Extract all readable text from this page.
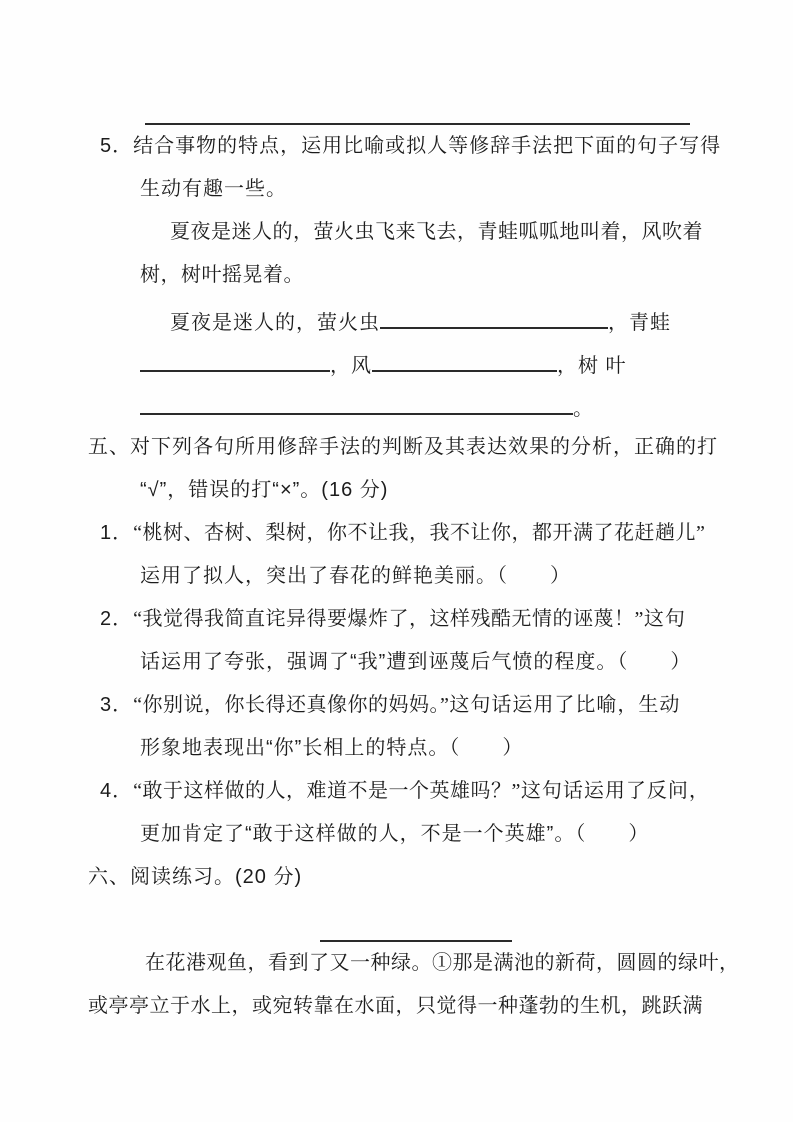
5．结合事物的特点，运用比喻或拟人等修辞手法把下面的句子写得
生动有趣一些。
夏夜是迷人的，萤火虫飞来飞去，青蛙呱呱地叫着，风吹着
树，树叶摇晃着。
夏夜是迷人的，萤火虫	，青蛙
，风	，树 叶
。
五、对下列各句所用修辞手法的判断及其表达效果的分析，正确的打
“√”，错误的打“×”。(16 分)
1．“桃树、杏树、梨树，你不让我，我不让你，都开满了花赶趟儿”
运用了拟人，突出了春花的鲜艳美丽。（　　）
2．“我觉得我简直诧异得要爆炸了，这样残酷无情的诬蔑！”这句
话运用了夸张，强调了“我”遭到诬蔑后气愤的程度。（　　）
3．“你别说，你长得还真像你的妈妈。”这句话运用了比喻，生动
形象地表现出“你”长相上的特点。（　　）
4．“敢于这样做的人，难道不是一个英雄吗？”这句话运用了反问，
更加肯定了“敢于这样做的人，不是一个英雄”。（　　）
六、阅读练习。(20 分)
在花港观鱼，看到了又一种绿。①那是满池的新荷，圆圆的绿叶，
或亭亭立于水上，或宛转靠在水面，只觉得一种蓬勃的生机，跳跃满
